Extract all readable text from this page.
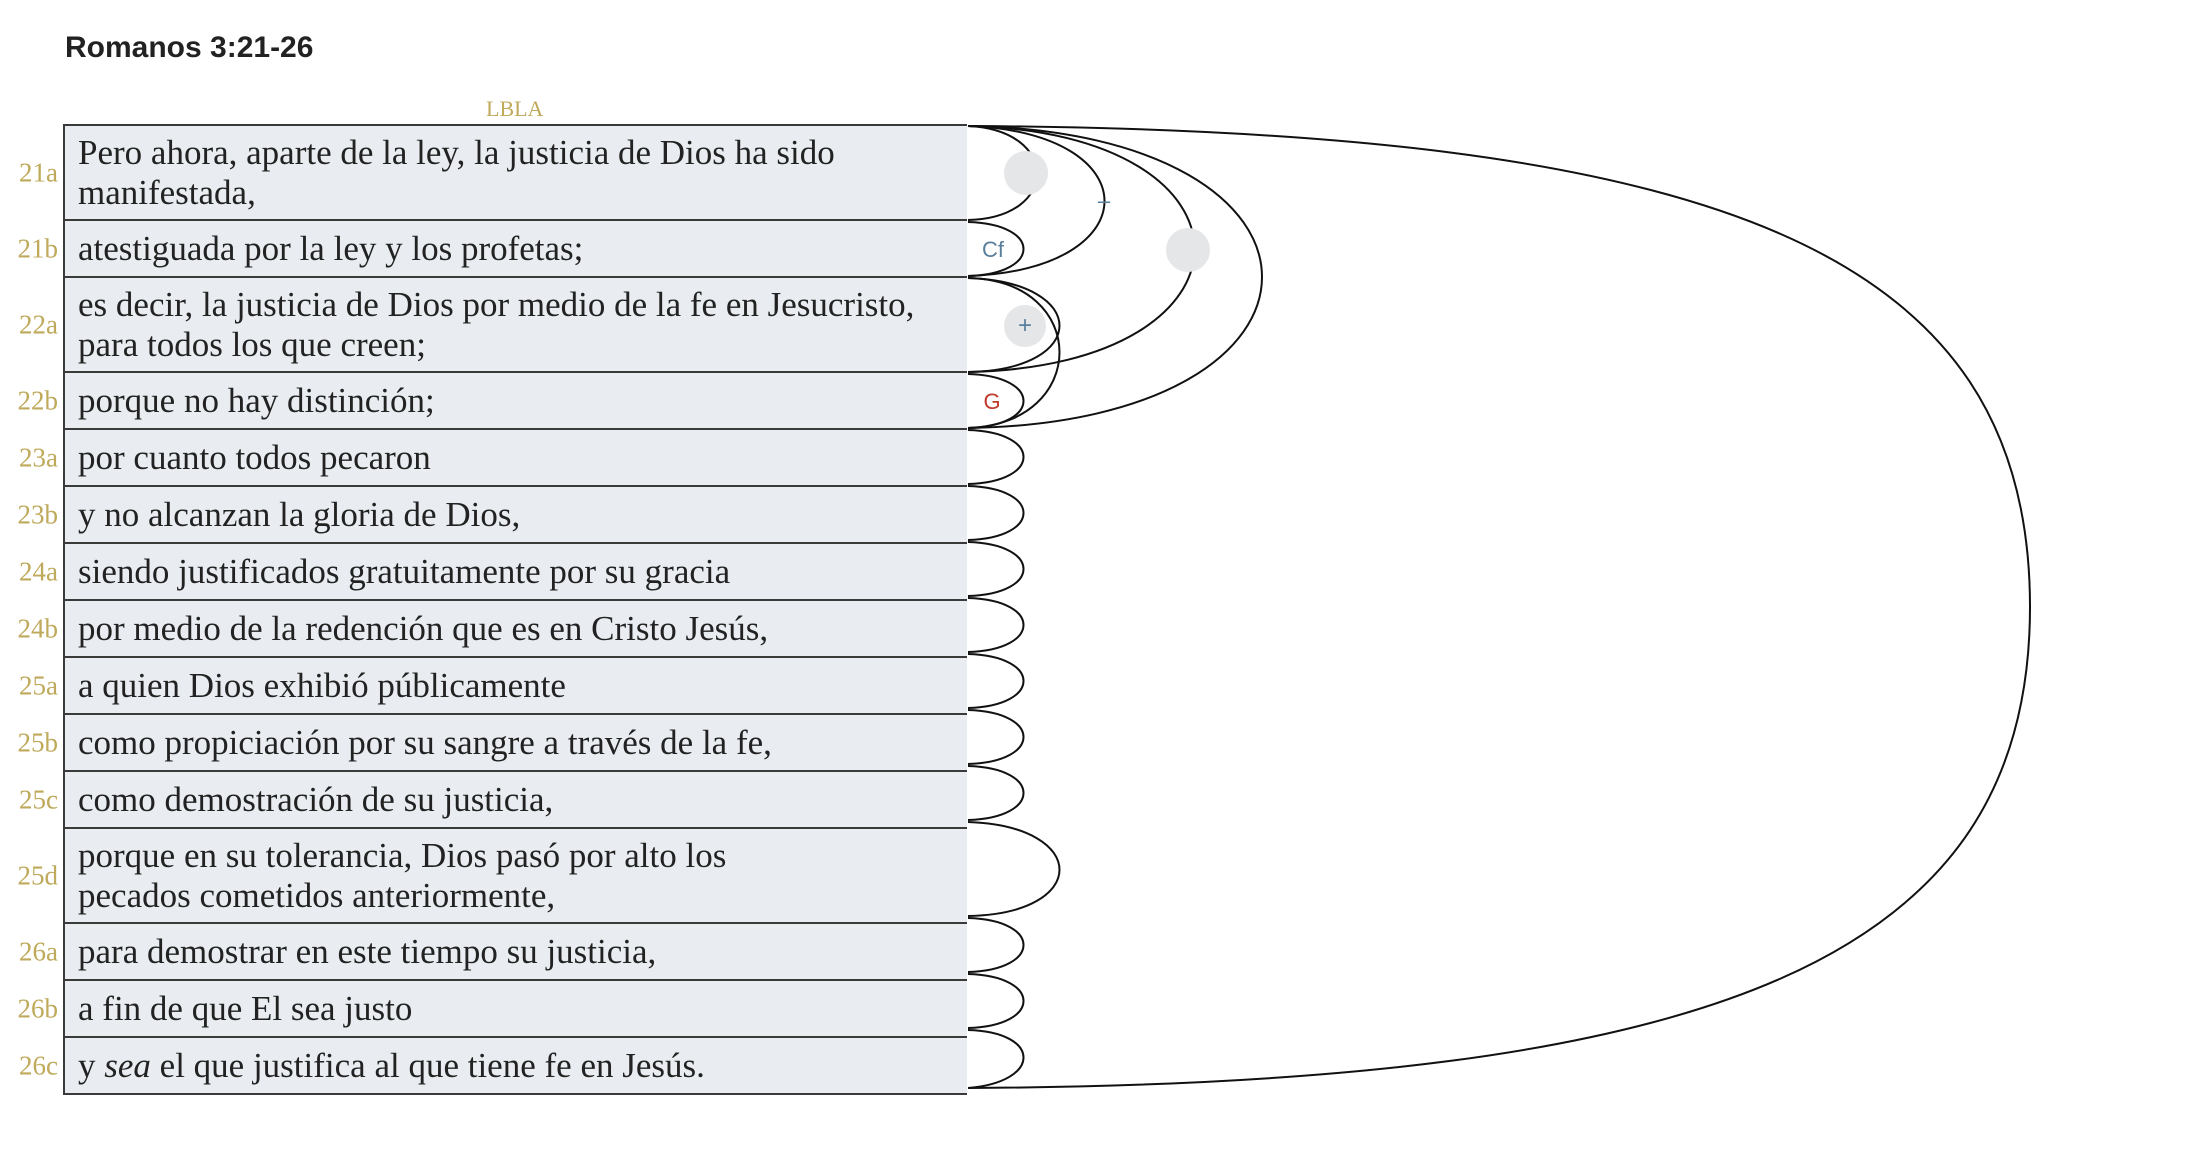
Romanos 3:21-26
LBLA
21a
Pero ahora, aparte de la ley, la justicia de Dios ha sido manifestada,
21b atestiguada por la ley y los profetas;
22a
es decir, la justicia de Dios por medio de la fe en Jesucristo, para todos los que creen;
22b porque no hay distinción;
23a por cuanto todos pecaron
23b y no alcanzan la gloria de Dios,
24a siendo justificados gratuitamente por su gracia
24b por medio de la redención que es en Cristo Jesús,
25a a quien Dios exhibió públicamente
25b como propiciación por su sangre a través de la fe,
25c como demostración de su justicia,
25d
porque en su tolerancia, Dios pasó por alto los pecados cometidos anteriormente,
26a para demostrar en este tiempo su justicia,
26b a fin de que El sea justo
26c y sea el que justifica al que tiene fe en Jesús.
–
Cf
+
G
